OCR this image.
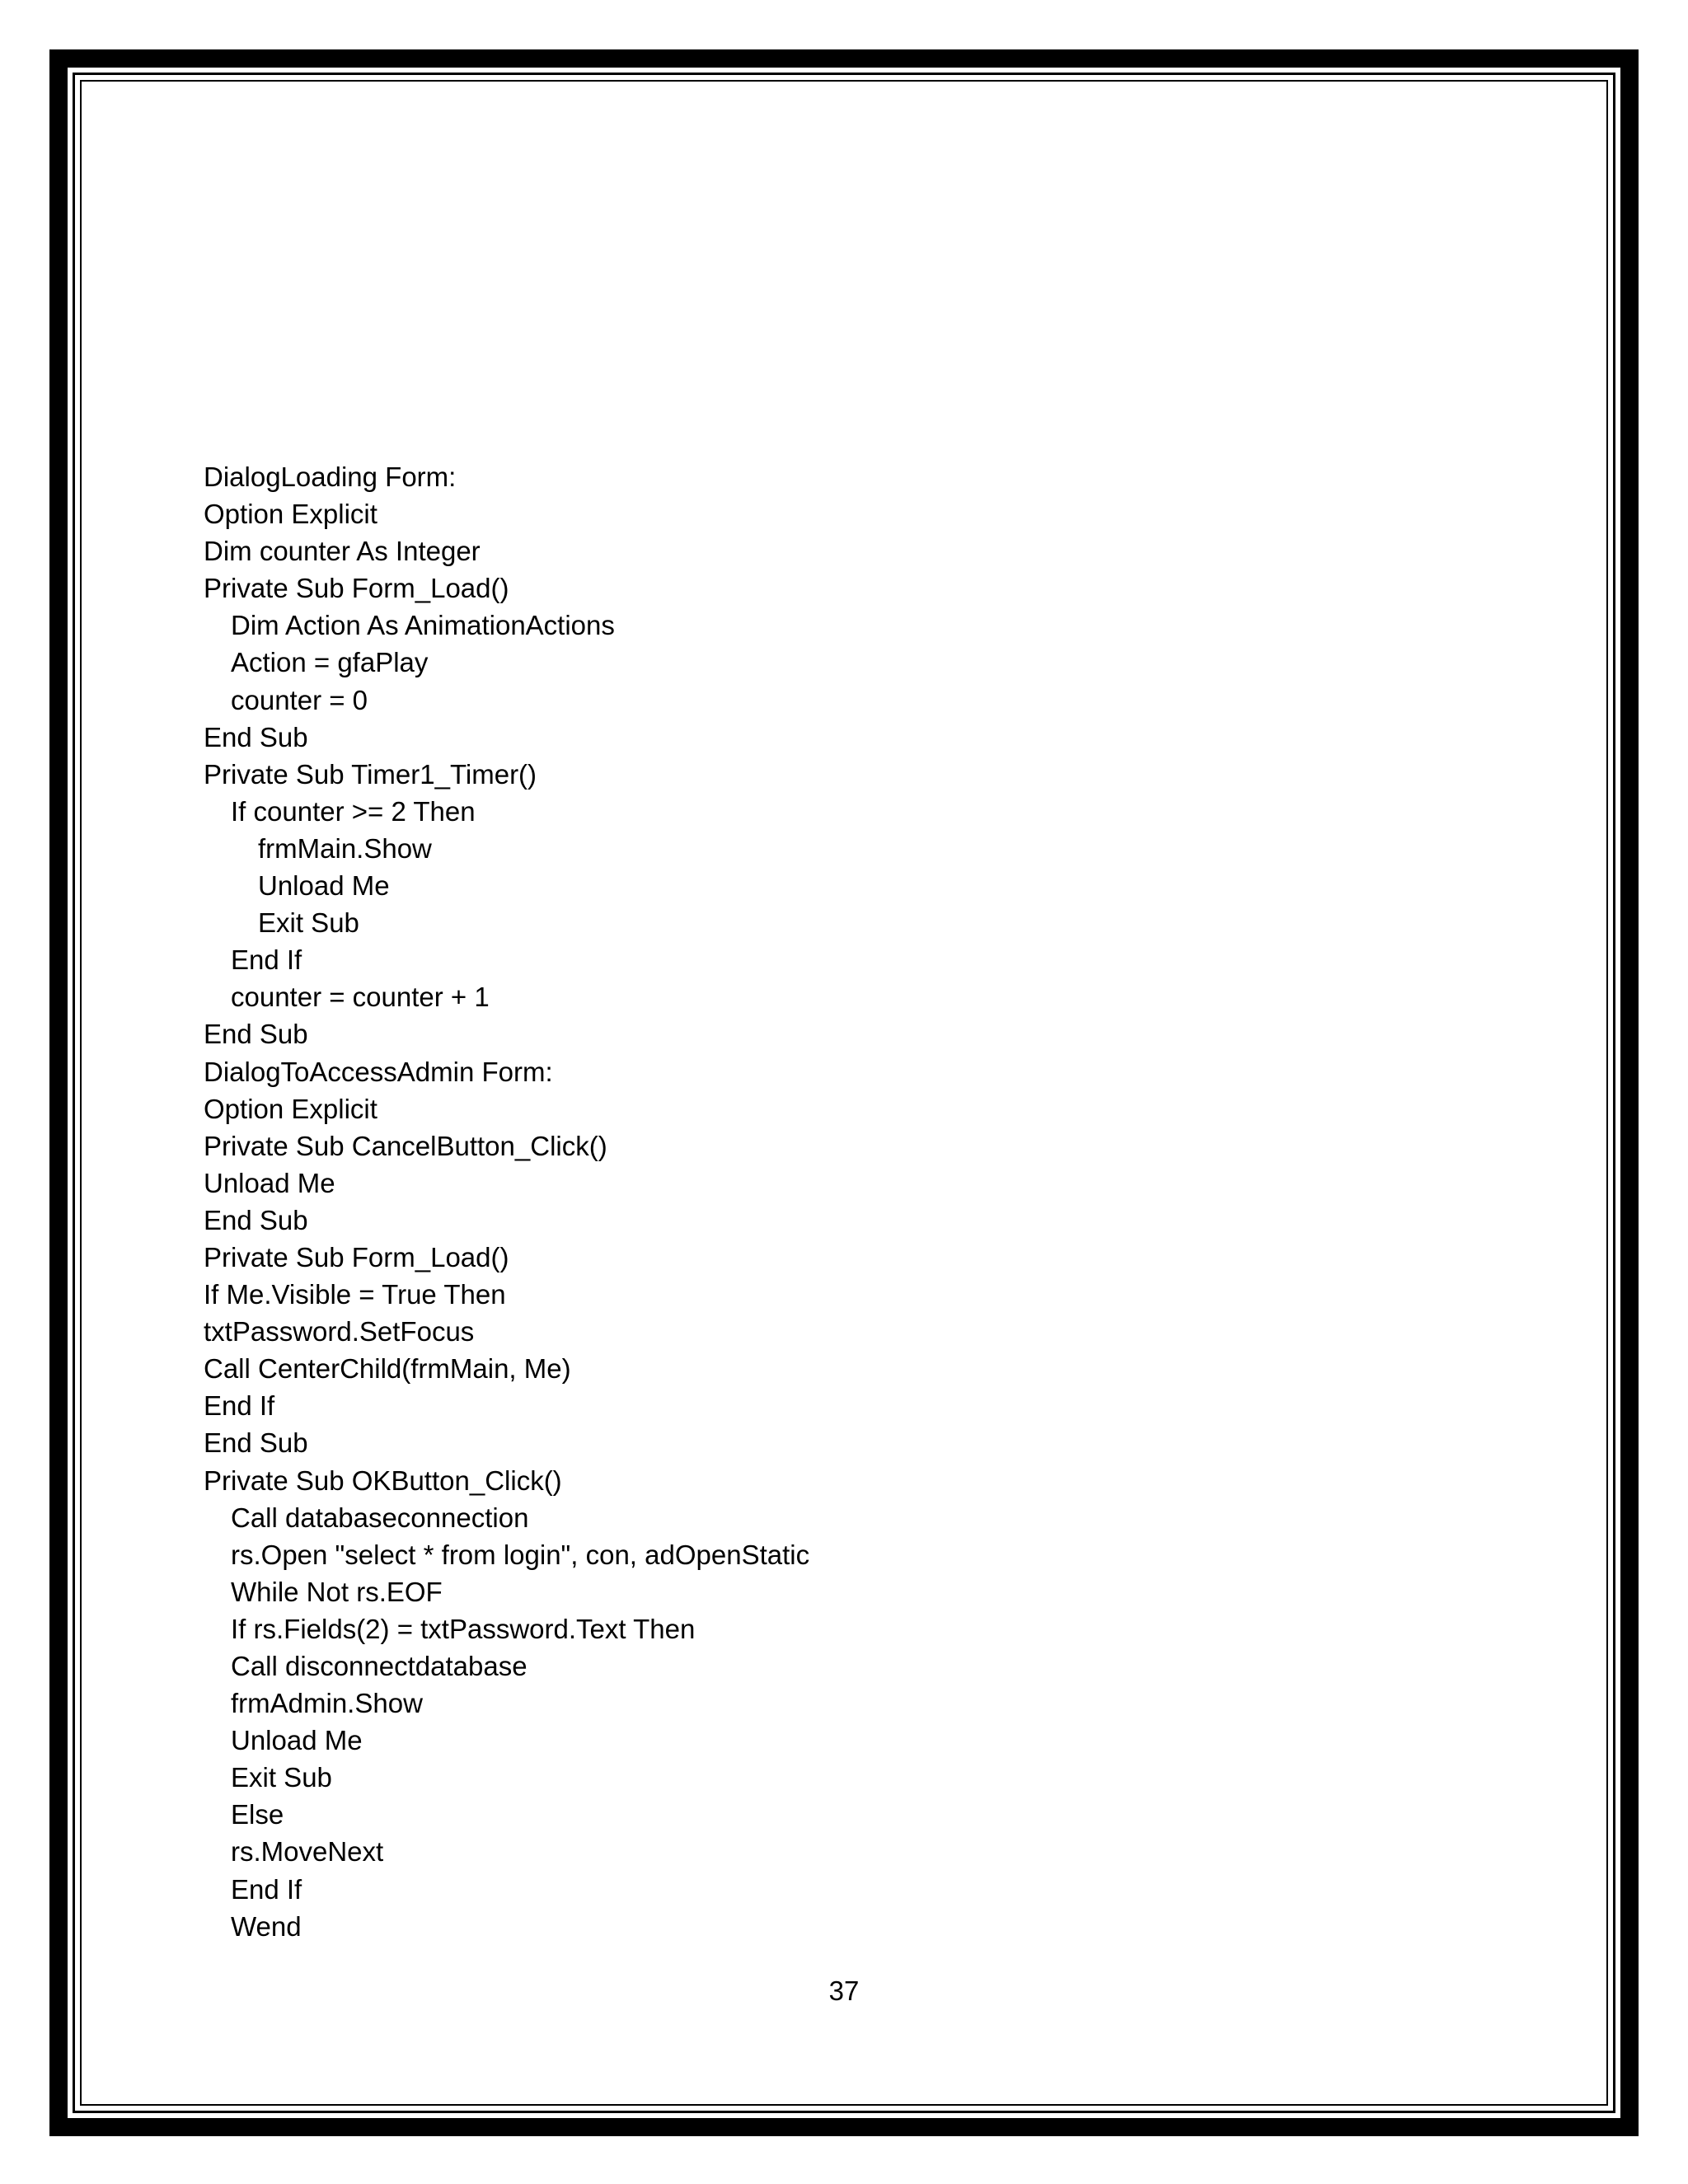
DialogLoading Form:
Option Explicit
Dim counter As Integer
Private Sub Form_Load()
Dim Action As AnimationActions
Action = gfaPlay
counter = 0
End Sub
Private Sub Timer1_Timer()
If counter >= 2 Then
frmMain.Show
Unload Me
Exit Sub
End If
counter = counter + 1
End Sub
DialogToAccessAdmin Form:
Option Explicit
Private Sub CancelButton_Click()
Unload Me
End Sub
Private Sub Form_Load()
If Me.Visible = True Then
txtPassword.SetFocus
Call CenterChild(frmMain, Me)
End If
End Sub
Private Sub OKButton_Click()
Call databaseconnection
rs.Open "select * from login", con, adOpenStatic
While Not rs.EOF
If rs.Fields(2) = txtPassword.Text Then
Call disconnectdatabase
frmAdmin.Show
Unload Me
Exit Sub
Else
rs.MoveNext
End If
Wend
37
